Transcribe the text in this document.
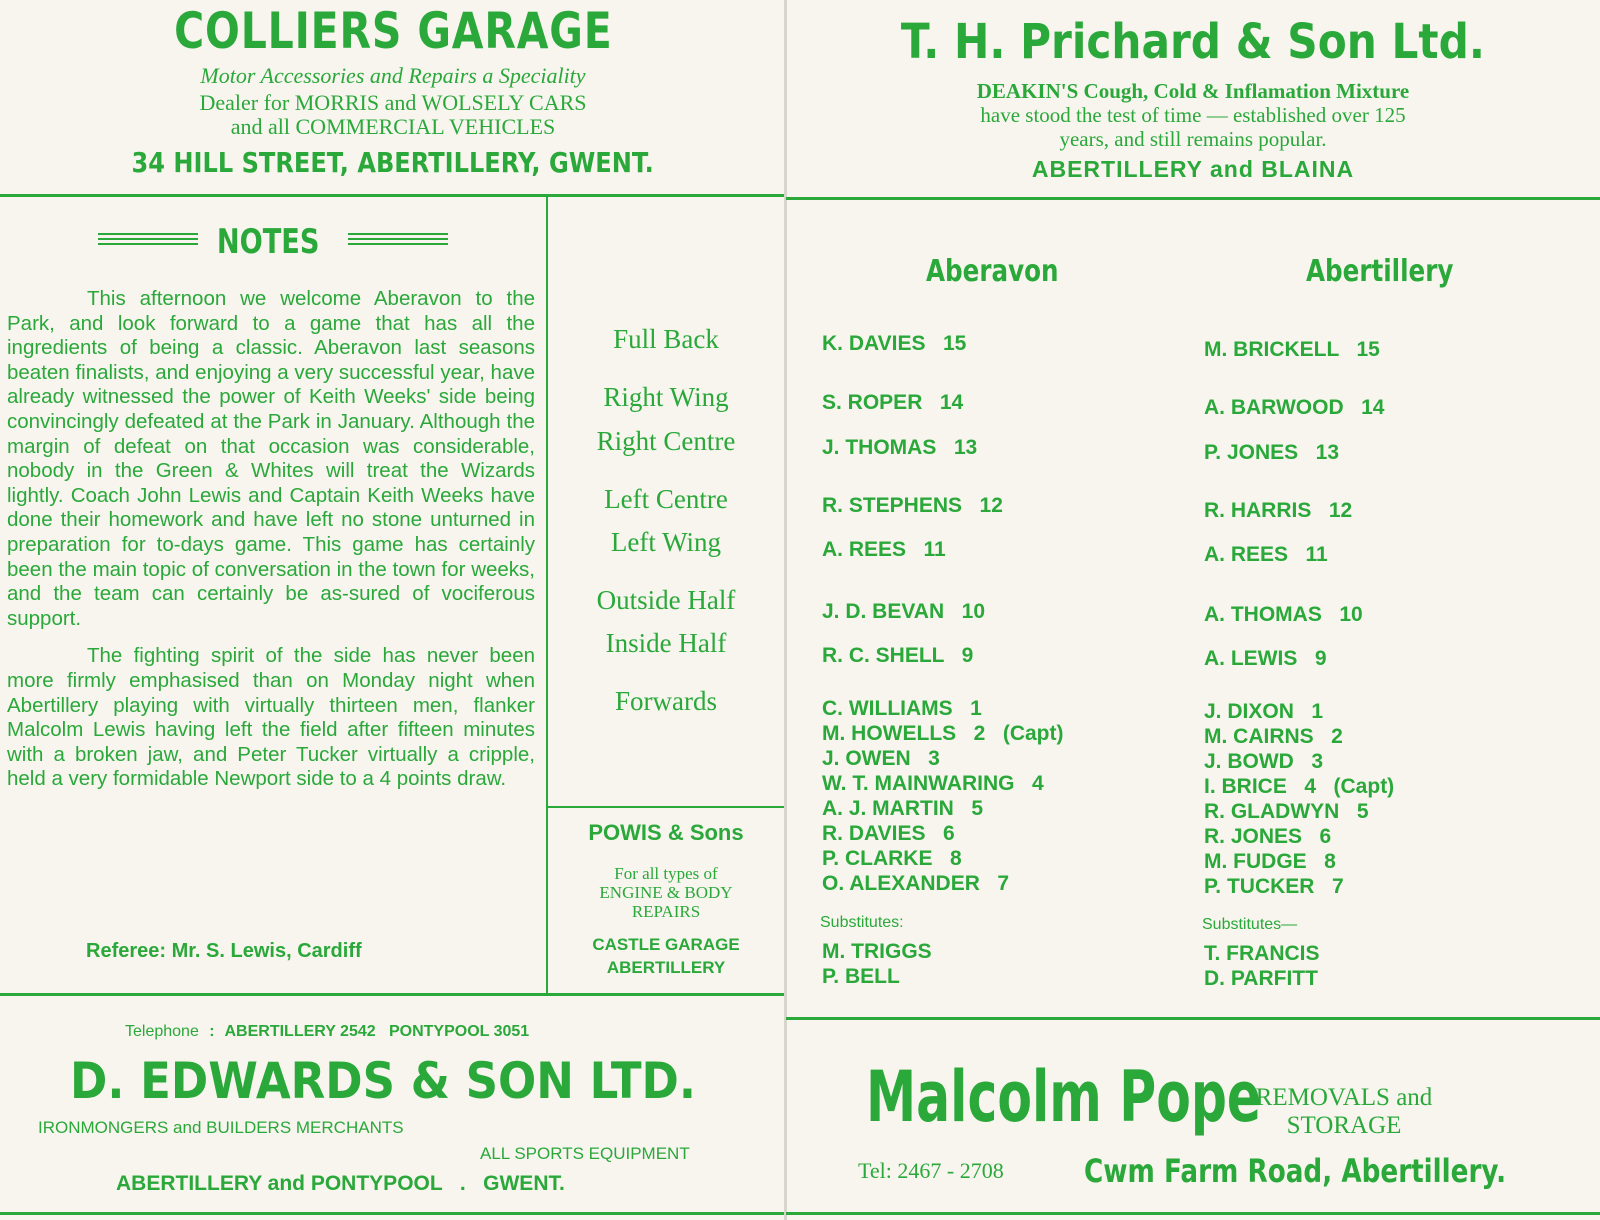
COLLIERS GARAGE
Motor Accessories and Repairs a Speciality
Dealer for MORRIS and WOLSELY CARS
and all COMMERCIAL VEHICLES
34 HILL STREET, ABERTILLERY, GWENT.
NOTES

This afternoon we welcome Aberavon to the Park, and look forward to a game that has all the ingredients of being a classic. Aberavon last seasons beaten finalists, and enjoying a very successful year, have already witnessed the power of Keith Weeks' side being convincingly defeated at the Park in January. Although the margin of defeat on that occasion was considerable, nobody in the Green & Whites will treat the Wizards lightly. Coach John Lewis and Captain Keith Weeks have done their homework and have left no stone unturned in preparation for to-days game. This game has certainly been the main topic of conversation in the town for weeks, and the team can certainly be as-sured of vociferous support.

The fighting spirit of the side has never been more firmly emphasised than on Monday night when Abertillery playing with virtually thirteen men, flanker Malcolm Lewis having left the field after fifteen minutes with a broken jaw, and Peter Tucker virtually a cripple, held a very formidable Newport side to a 4 points draw.

Referee: Mr. S. Lewis, Cardiff
Full Back
Right Wing
Right Centre
Left Centre
Left Wing
Outside Half
Inside Half
Forwards
POWIS & Sons
For all types of
ENGINE & BODY
REPAIRS
CASTLE GARAGE
ABERTILLERY
Telephone : ABERTILLERY 2542   PONTYPOOL 3051
D. EDWARDS & SON LTD.
IRONMONGERS and BUILDERS MERCHANTS
ALL SPORTS EQUIPMENT
ABERTILLERY and PONTYPOOL   .   GWENT.
T. H. Prichard & Son Ltd.
DEAKIN'S Cough, Cold & Inflamation Mixture
have stood the test of time — established over 125
years, and still remains popular.
ABERTILLERY and BLAINA
Aberavon
K. DAVIES   15
S. ROPER   14
J. THOMAS   13
R. STEPHENS   12
A. REES   11
J. D. BEVAN   10
R. C. SHELL   9
C. WILLIAMS   1
M. HOWELLS   2   (Capt)
J. OWEN   3
W. T. MAINWARING   4
A. J. MARTIN   5
R. DAVIES   6
P. CLARKE   8
O. ALEXANDER   7
Substitutes:
M. TRIGGS
P. BELL
Abertillery
M. BRICKELL   15
A. BARWOOD   14
P. JONES   13
R. HARRIS   12
A. REES   11
A. THOMAS   10
A. LEWIS   9
J. DIXON   1
M. CAIRNS   2
J. BOWD   3
I. BRICE   4   (Capt)
R. GLADWYN   5
R. JONES   6
M. FUDGE   8
P. TUCKER   7
Substitutes—
T. FRANCIS
D. PARFITT
Malcolm Pope
REMOVALS and
STORAGE
Tel: 2467 - 2708	Cwm Farm Road, Abertillery.
